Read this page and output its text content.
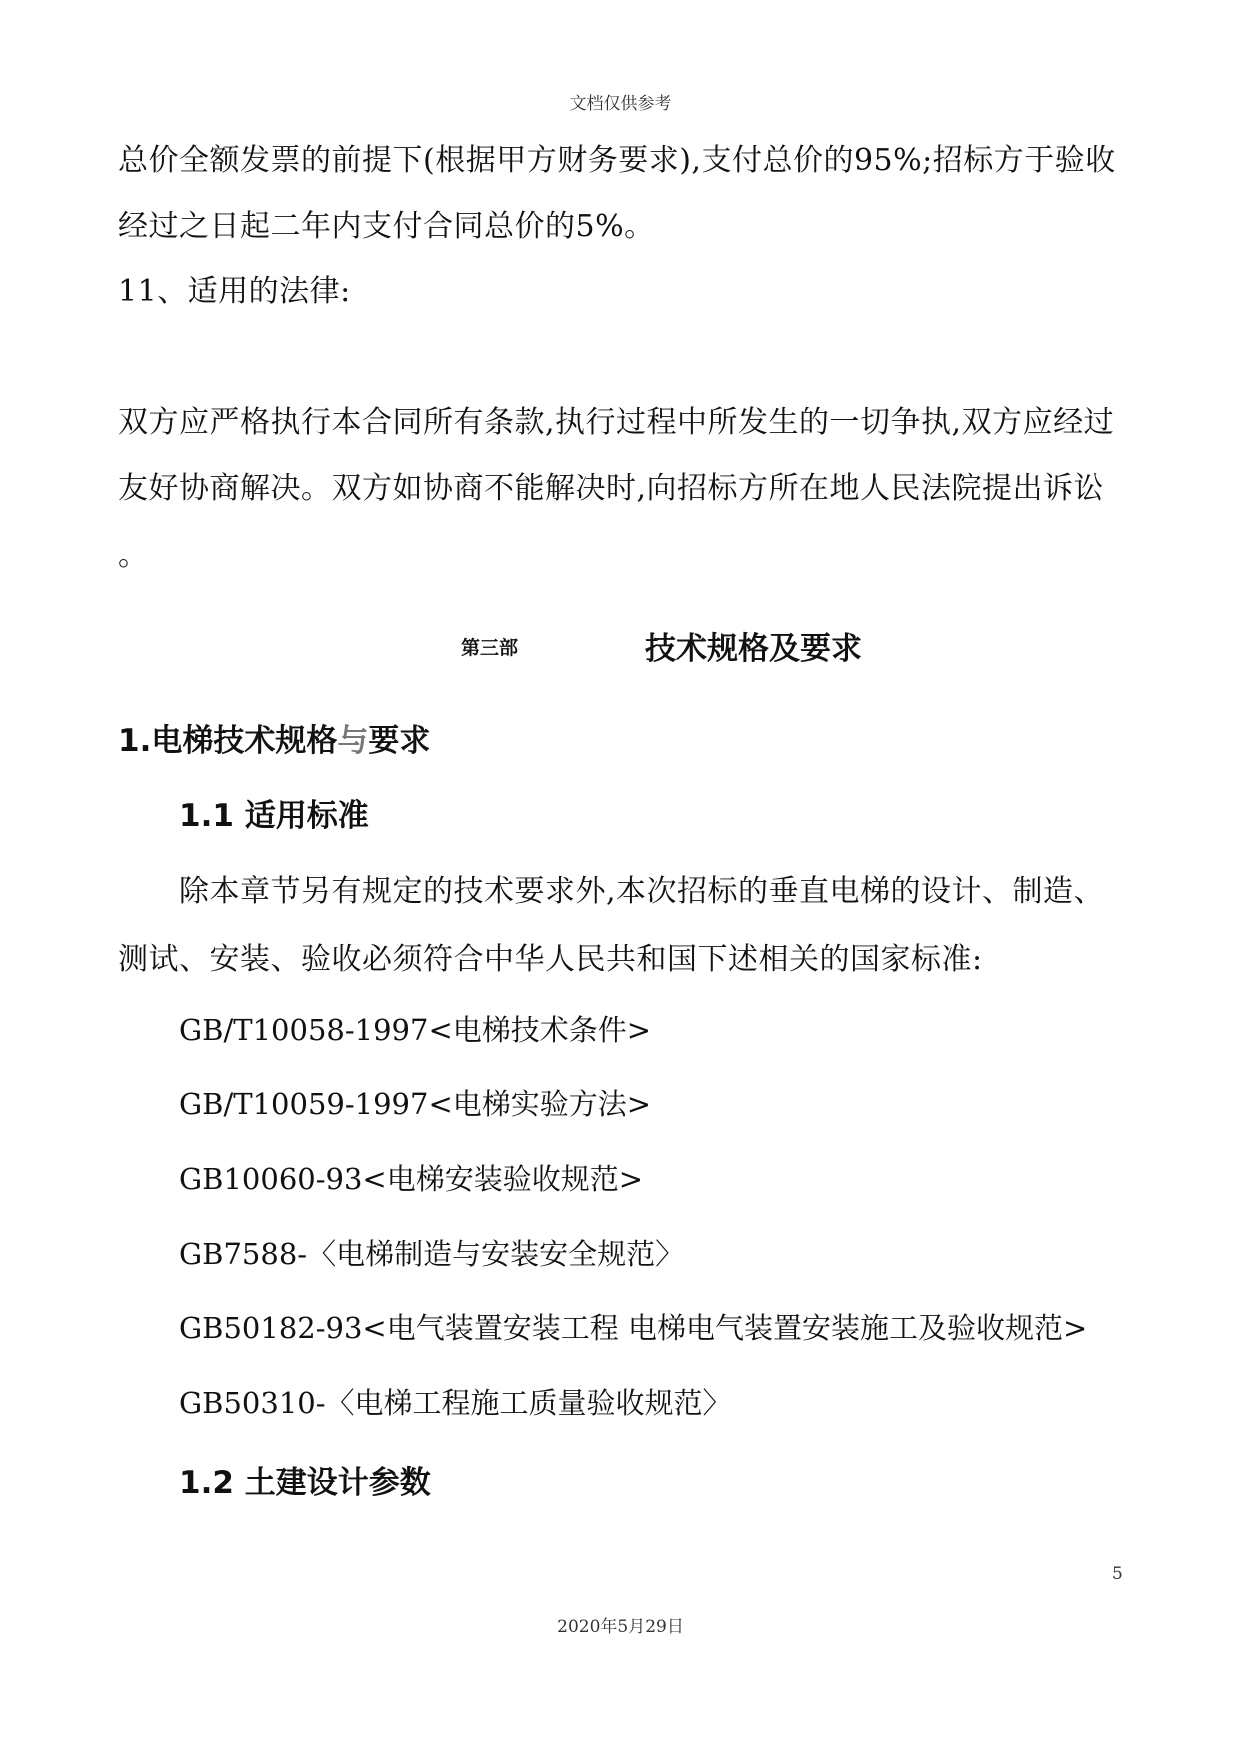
文档仅供参考
总价全额发票的前提下(根据甲方财务要求),支付总价的95%;招标方于验收
经过之日起二年内支付合同总价的5%。
11、适用的法律:
双方应严格执行本合同所有条款,执行过程中所发生的一切争执,双方应经过
友好协商解决。双方如协商不能解决时,向招标方所在地人民法院提出诉讼
。
第三部	技术规格及要求
1.电梯技术规格与要求
1.1 适用标准
除本章节另有规定的技术要求外,本次招标的垂直电梯的设计、制造、
测试、安装、验收必须符合中华人民共和国下述相关的国家标准:
GB/T10058-1997<电梯技术条件>
GB/T10059-1997<电梯实验方法>
GB10060-93<电梯安装验收规范>
GB7588-〈电梯制造与安装安全规范〉
GB50182-93<电气装置安装工程 电梯电气装置安装施工及验收规范>
GB50310-〈电梯工程施工质量验收规范〉
1.2 土建设计参数
5
2020年5月29日
